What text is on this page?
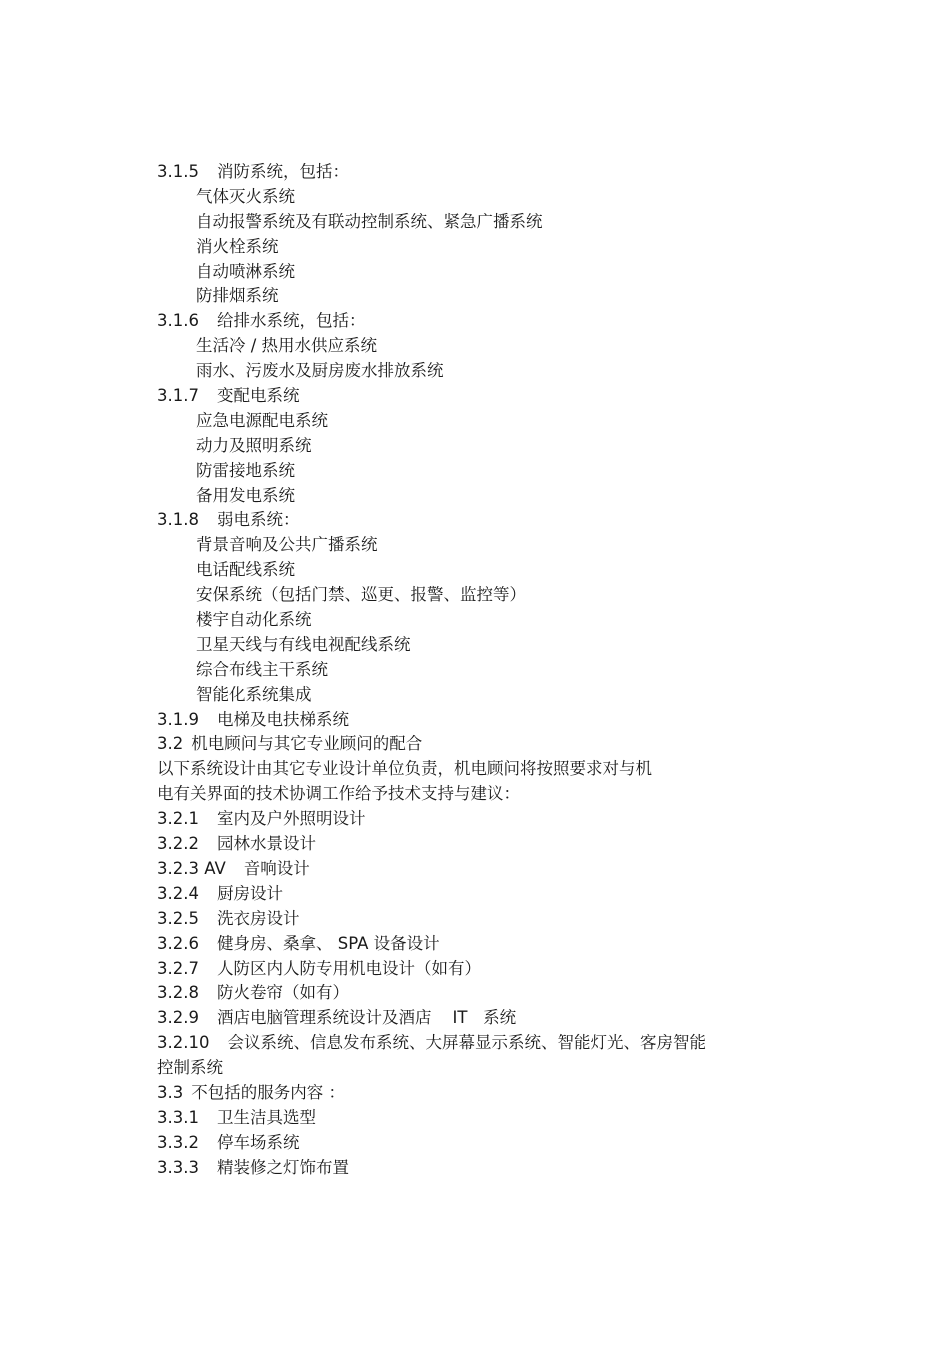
3.1.5 消防系统，包括：
气体灭火系统
自动报警系统及有联动控制系统、紧急广播系统
消火栓系统
自动喷淋系统
防排烟系统
3.1.6 给排水系统，包括：
生活冷 / 热用水供应系统
雨水、污废水及厨房废水排放系统
3.1.7 变配电系统
应急电源配电系统
动力及照明系统
防雷接地系统
备用发电系统
3.1.8 弱电系统：
背景音响及公共广播系统
电话配线系统
安保系统（包括门禁、巡更、报警、监控等）
楼宇自动化系统
卫星天线与有线电视配线系统
综合布线主干系统
智能化系统集成
3.1.9 电梯及电扶梯系统
3.2 机电顾问与其它专业顾问的配合
以下系统设计由其它专业设计单位负责，机电顾问将按照要求对与机
电有关界面的技术协调工作给予技术支持与建议：
3.2.1 室内及户外照明设计
3.2.2 园林水景设计
3.2.3 AV 音响设计
3.2.4 厨房设计
3.2.5 洗衣房设计
3.2.6 健身房、桑拿、 SPA 设备设计
3.2.7 人防区内人防专用机电设计（如有）
3.2.8 防火卷帘（如有）
3.2.9 酒店电脑管理系统设计及酒店    IT   系统
3.2.10 会议系统、信息发布系统、大屏幕显示系统、智能灯光、客房智能
控制系统
3.3 不包括的服务内容 ：
3.3.1 卫生洁具选型
3.3.2 停车场系统
3.3.3 精装修之灯饰布置
